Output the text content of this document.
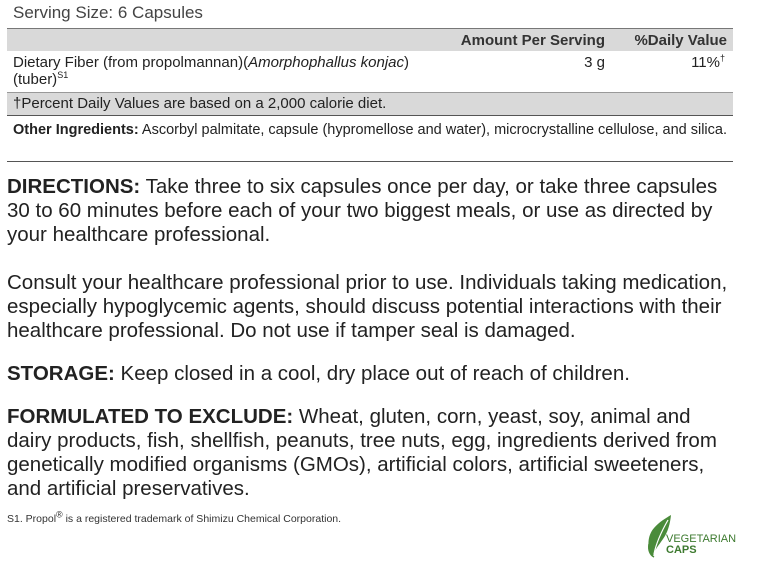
Serving Size: 6 Capsules
Amount Per Serving %Daily Value
Dietary Fiber (from propolmannan)(Amorphophallus konjac)
(tuber)$^{S1}$
3 g	11%†
†Percent Daily Values are based on a 2,000 calorie diet.
Other Ingredients: Ascorbyl palmitate, capsule (hypromellose and water), microcrystalline cellulose, and silica.
DIRECTIONS: Take three to six capsules once per day, or take three capsules 30 to 60 minutes before each of your two biggest meals, or use as directed by your healthcare professional.
Consult your healthcare professional prior to use. Individuals taking medication, especially hypoglycemic agents, should discuss potential interactions with their healthcare professional. Do not use if tamper seal is damaged.
STORAGE: Keep closed in a cool, dry place out of reach of children.
FORMULATED TO EXCLUDE: Wheat, gluten, corn, yeast, soy, animal and dairy products, fish, shellfish, peanuts, tree nuts, egg, ingredients derived from genetically modified organisms (GMOs), artificial colors, artificial sweeteners, and artificial preservatives.
S1. Propol® is a registered trademark of Shimizu Chemical Corporation.
VEGETARIAN
CAPS
